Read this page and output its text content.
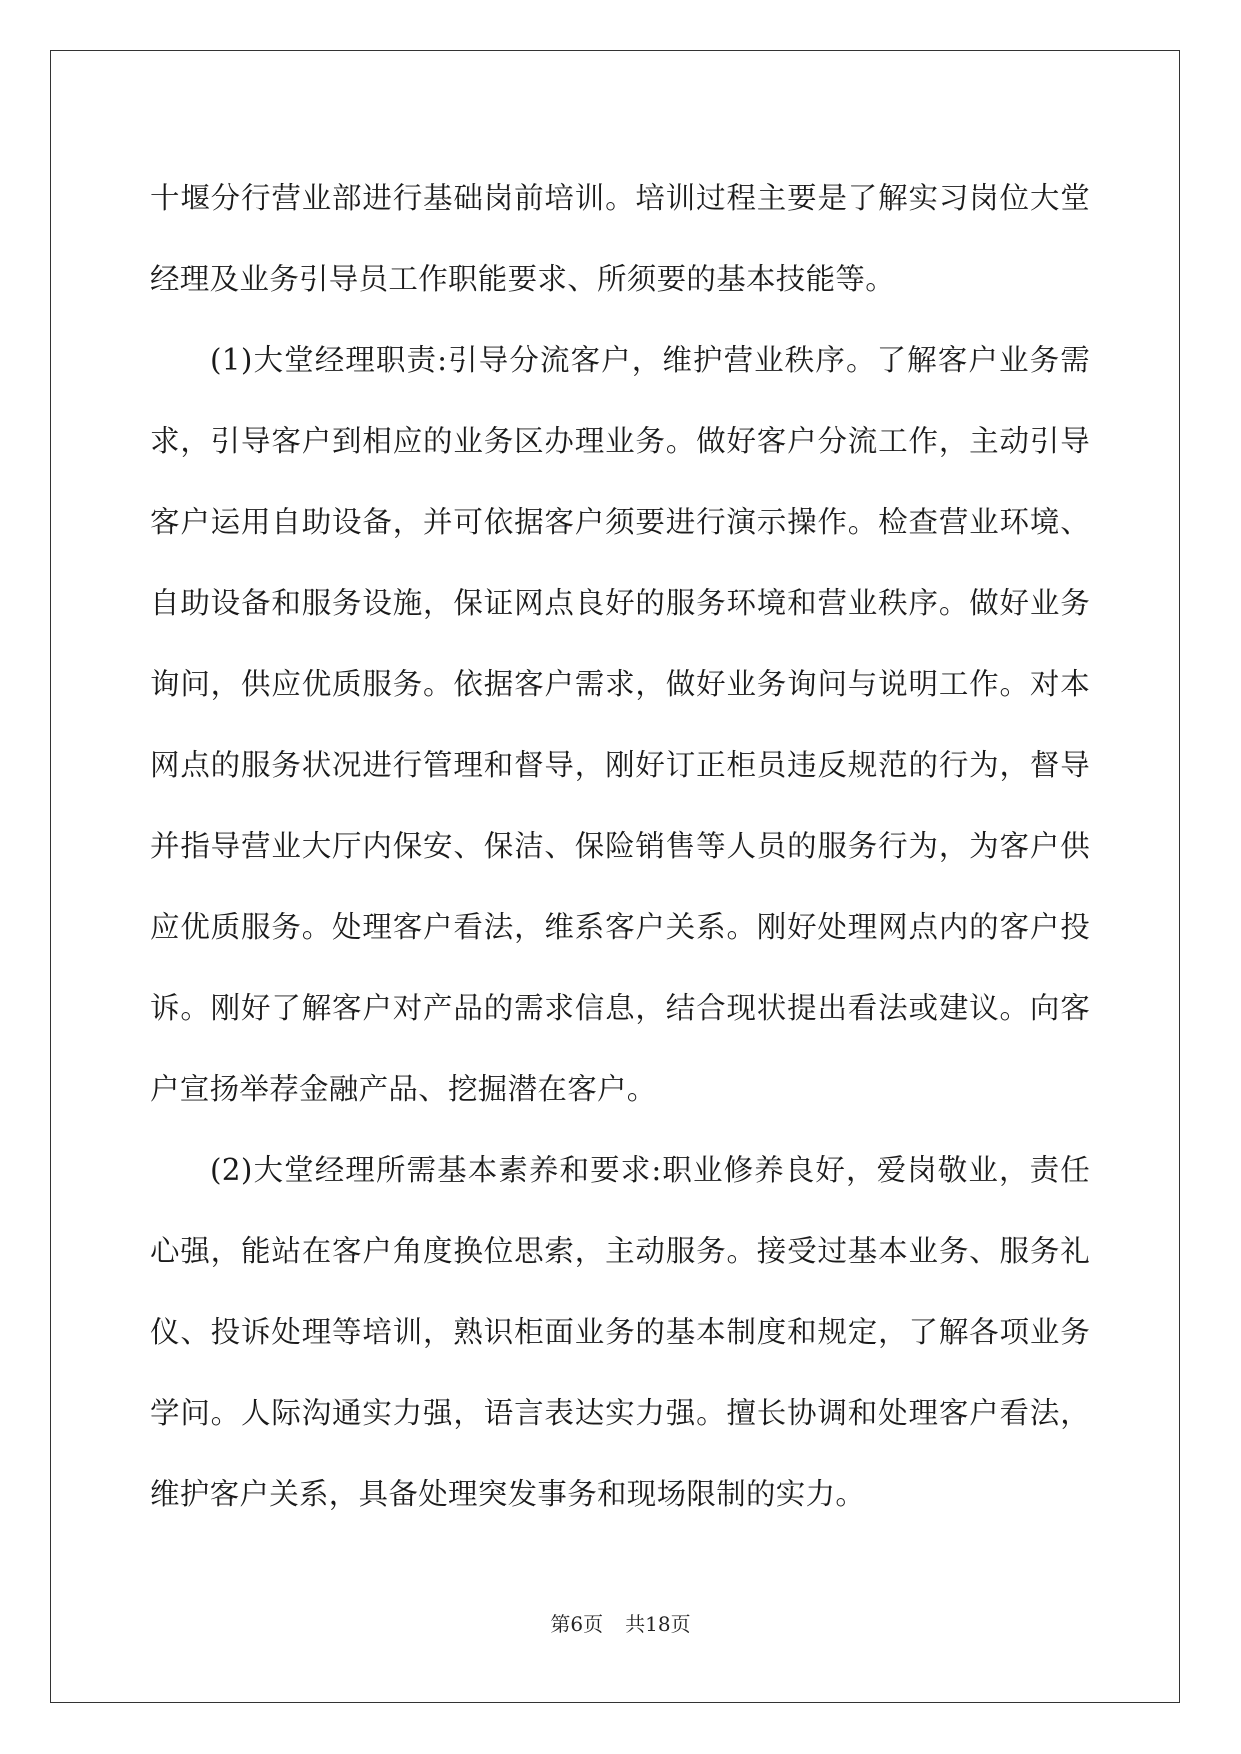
十堰分行营业部进行基础岗前培训。培训过程主要是了解实习岗位大堂经理及业务引导员工作职能要求、所须要的基本技能等。

(1)大堂经理职责:引导分流客户，维护营业秩序。了解客户业务需求，引导客户到相应的业务区办理业务。做好客户分流工作，主动引导客户运用自助设备，并可依据客户须要进行演示操作。检查营业环境、自助设备和服务设施，保证网点良好的服务环境和营业秩序。做好业务询问，供应优质服务。依据客户需求，做好业务询问与说明工作。对本网点的服务状况进行管理和督导，刚好订正柜员违反规范的行为，督导并指导营业大厅内保安、保洁、保险销售等人员的服务行为，为客户供应优质服务。处理客户看法，维系客户关系。刚好处理网点内的客户投诉。刚好了解客户对产品的需求信息，结合现状提出看法或建议。向客户宣扬举荐金融产品、挖掘潜在客户。

(2)大堂经理所需基本素养和要求:职业修养良好，爱岗敬业，责任心强，能站在客户角度换位思索，主动服务。接受过基本业务、服务礼仪、投诉处理等培训，熟识柜面业务的基本制度和规定，了解各项业务学问。人际沟通实力强，语言表达实力强。擅长协调和处理客户看法，维护客户关系，具备处理突发事务和现场限制的实力。

第6页 共18页
